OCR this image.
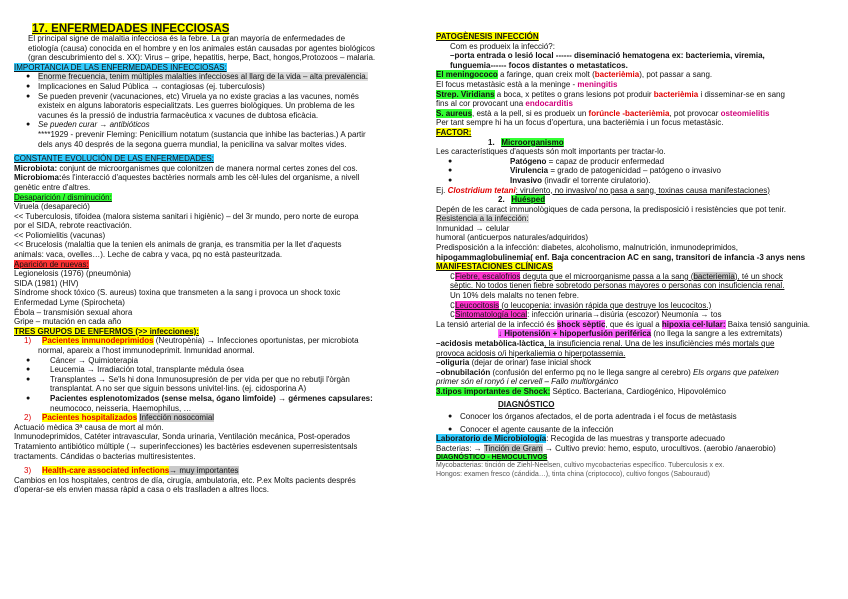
17. ENFERMEDADES INFECCIOSAS

El principal signe de malaltia infecciosa és la febre. La gran mayoría de enfermedades de

etiología (causa) conocida en el hombre y en los animales están causadas por agentes biológicos

(gran descubrimiento del s. XX): Virus – gripe, hepatitis, herpe, Bact, hongos,Protozoos – malaria.

IMPORTANCIA DE LAS ENFERMEDADES INFECCIOSAS:

● Enorme frecuencia, tenim múltiples malalties infeccioses al llarg de la vida – alta prevalencia.
● Implicaciones en Salud Pública → contagiosas (ej. tuberculosis)
● Se pueden prevenir (vacunaciones, etc) Viruela ya no existe gracias a las vacunes, només

existeix en alguns laboratoris especialitzats. Les guerres biològiques. Un problema de les

vacunes és la pressió de industria farmacèutica x vacunes de dubtosa eficàcia.

● Se pueden curar → antibióticos

****1929 - prevenir Fleming: Penicillium notatum (sustancia que inhibe las bacterias.) A partir

dels anys 40 després de la segona guerra mundial, la penicilina va salvar moltes vides.

CONSTANTE EVOLUCIÓN DE LAS ENFERMEDADES:

Microbiota: conjunt de microorganismes que colonitzen de manera normal certes zones del cos.

Microbioma:és l'interacció d'aquestes bactèries normals amb les cèl·lules del organisme, a nivell

genètic entre d'altres.

Desaparición / disminución:

Viruela (desapareció)

<< Tuberculosis, tifoidea (malora sistema sanitari i higiènic) – del 3r mundo, pero norte de europa

por el SIDA, rebrote reactivación.

<< Poliomielitis (vacunas)

<< Brucelosis (malaltia que la tenien els animals de granja, es transmitia per la llet d'aquests

animals: vaca, ovelles…). Leche de cabra y vaca, pq no està pasteuritzada.

Aparición de nuevas:

Legionelosis (1976) (pneumònia)

SIDA (1981) (HIV)

Síndrome shock tóxico (S. aureus) toxina que transmeten a la sang i provoca un shock toxic

Enfermedad Lyme (Spirocheta)

Ébola – transmisión sexual ahora

Gripe – mutación en cada año

TRES GRUPOS DE ENFERMOS (>> infecciones):

1) Pacientes inmunodeprimidos (Neutropènia) → Infecciones oportunistas, per microbiota

normal, apareix a l'host immunodeprimit. Inmunidad anormal.

● Cáncer → Quimioterapia
● Leucemia → Irradiación total, transplante médula ósea
● Transplantes → Se'ls hi dona Inmunosupresión de per vida per que no rebutji l'òrgàn

transplantat. A no ser que siguin bessons univitel·lins. (ej. cidosporina A)

● Pacientes esplenotomizados (sense melsa, ógano limfoide) → gérmenes capsulares:

neumococo, neisseria, Haemophilus, …

2) Pacientes hospitalizados Infección nosocomial

Actuació mèdica 3ª causa de mort al món.

Inmunodeprimidos, Catéter intravascular, Sonda urinaria, Ventilación mecánica, Post-operados

Tratamiento antibiótico múltiple (→ superinfecciones) les bactèries esdevenen superresistentsals

tractaments. Cándidas o bacterias multiresistentes.

3) Health-care associated infections→ muy importantes

Cambios en los hospitales, centros de día, cirugía, ambulatoria, etc. P.ex Molts pacients després

d'operar-se els envien massa ràpid a casa o els traslladen a altres llocs.

PATOGÈNESIS INFECCIÓN

Com es produeix la infecció?:

–porta entrada o lesió local ------ diseminació hematogena ex: bacteriemia, viremia,

funguemia------ focos distantes o metastaticos.

El meningococo a faringe, quan creix molt (bacterièmia), pot passar a sang.

El focus metastàsic està a la meninge - meningitis

Strep. Viridians a boca, x petites o grans lesions pot produir bacterièmia i disseminar-se en sang

fins al cor provocant una endocarditis

S. aureus, està a la pell, si es produeix un forúncle -bacterièmia, pot provocar osteomielitis

Per tant sempre hi ha un focus d'opertura, una bacterièmia i un focus metastàsic.

FACTOR:

1. Microorganismo

Les característiques d'aquests són molt importants per tractar-lo.

● Patógeno = capaz de producir enfermedad
● Virulencia = grado de patogenicidad – patógeno o invasivo
● Invasivo (invadir el torrente cirulatorio).

Ej. Clostridium tetani: virulento, no invasivo/ no pasa a sang, toxinas causa manifestaciones)

2. Huésped

Depén de les caract immunològiques de cada persona, la predisposició i resistències que pot tenir.

Resistencia a la infección:

Inmunidad → celular

humoral (anticuerpos naturales/adquiridos)

Predisposición a la infección: diabetes, alcoholismo, malnutrición, inmunodeprimidos,

hipogammaglobulinemia( enf. Baja concentracion AC en sang, transitori de infancia -3 anys nens

MANIFESTACIONES CLÍNICAS

∁Fiebre, escalofrios deguta que el microorganisme passa a la sang (bacteriemia), té un shock

sèptic. No todos tienen fiebre sobretodo personas mayores o personas con insuficiencia renal.

Un 10% dels malalts no tenen febre.

∁Leucocitosis (o leucopenia: invasión rápida que destruye los leucocitos.)

∁Sintomatología local: infección urinaria→disúria (escozor) Neumonía → tos

La tensió arterial de la infecció és shock sèptic, que és igual a hipoxia cel·lular: Baixa tensió sanguinia.

↓ Hipotensión + hipoperfusión periférica (no llega la sangre a les extremitats)

–acidosis metabòlica-làctica, la insuficiencia renal. Una de les insuficiències més mortals que

provoca acidosis o/i hiperkaliemia o hiperpotassemia.

–oliguria (dejar de orinar) fase inicial shock

–obnubilación (confusión del enfermo pq no le llega sangre al cerebro) Els organs que pateixen

primer són el ronyó i el cervell – Fallo multiorgánico

3.tipos importantes de Shock: Séptico. Bacteriana, Cardiogénico, Hipovolémico

DIAGNÓSTICO

● Conocer los órganos afectados, el de porta adentrada i el focus de metàstasis
● Conocer el agente causante de la infección

Laboratorio de Microbiología: Recogida de las muestras y transporte adecuado

Bacterias: → Tinción de Gram → Cultivo previo: hemo, esputo, urocultivos. (aerobio /anaerobio)

DIAGNÓSTICO - HEMOCULTIVOS

Mycobacterias: tinción de Ziehl-Neelsen, cultivo mycobacterias específico. Tuberculosis x ex.

Hongos: examen fresco (cándida…), tinta china (criptococo), cultivo fongos (Sabouraud)
